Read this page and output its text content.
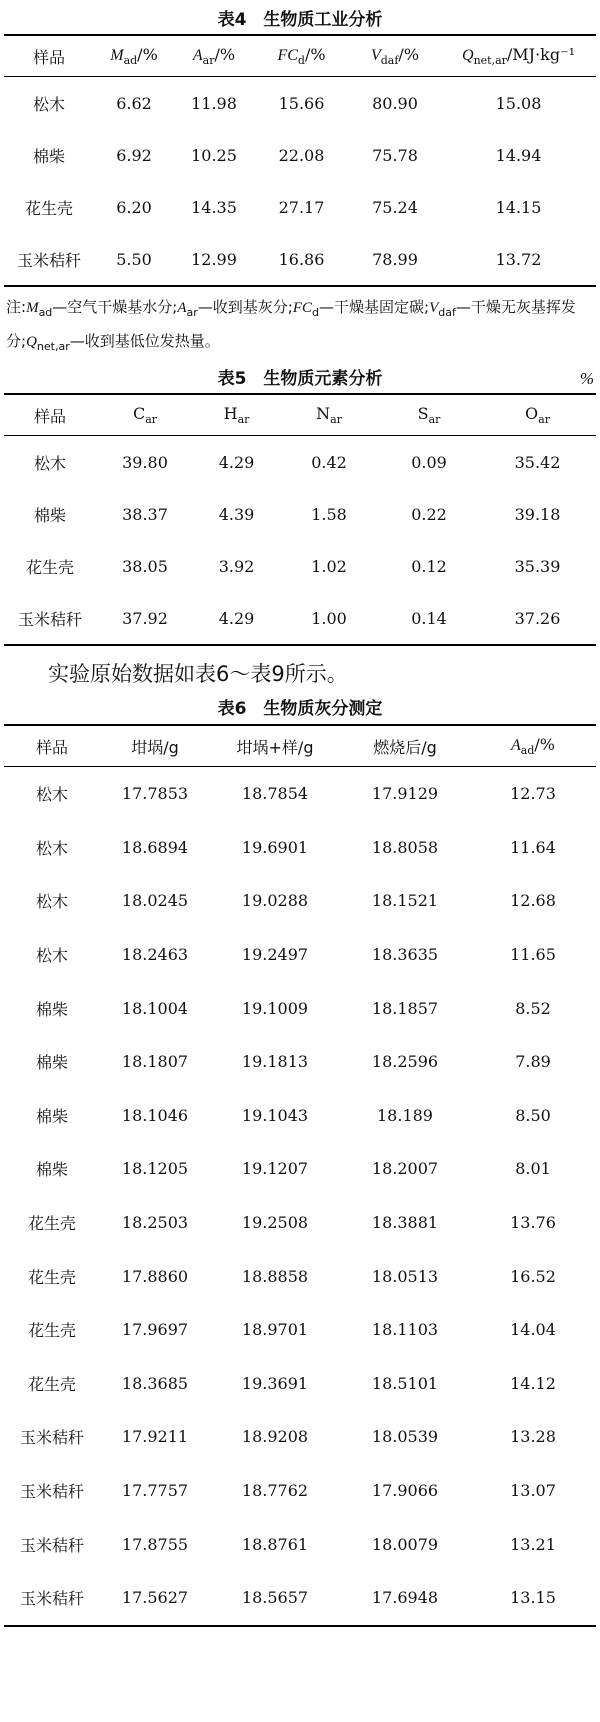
表4　生物质工业分析
样品	$M_{ad}/\%$	$A_{ar}/\%$	$FC_d/\%$	$V_{daf}/\%$	$Q_{net,ar}/MJ\cdot kg^{-1}$
松木	6.62	11.98	15.66	80.90	15.08
棉柴	6.92	10.25	22.08	75.78	14.94
花生壳	6.20	14.35	27.17	75.24	14.15
玉米秸秆	5.50	12.99	16.86	78.99	13.72
注$:M_{ad}—$空气干燥基水分$;A_{ar}—$收到基灰分$;FC_d—$干燥基固定碳$;V_{daf}—$干燥无灰基挥发分$;Q_{net,ar}—$收到基低位发热量。
表5　生物质元素分析	%
样品	$C_{ar}$	$H_{ar}$	$N_{ar}$	$S_{ar}$	$O_{ar}$
松木	39.80	4.29	0.42	0.09	35.42
棉柴	38.37	4.39	1.58	0.22	39.18
花生壳	38.05	3.92	1.02	0.12	35.39
玉米秸秆	37.92	4.29	1.00	0.14	37.26
实验原始数据如表6～表9所示。
表6　生物质灰分测定
样品	坩埚/g	坩埚+样/g	燃烧后/g	$A_{ad}/\%$
松木	17.7853	18.7854	17.9129	12.73
松木	18.6894	19.6901	18.8058	11.64
松木	18.0245	19.0288	18.1521	12.68
松木	18.2463	19.2497	18.3635	11.65
棉柴	18.1004	19.1009	18.1857	8.52
棉柴	18.1807	19.1813	18.2596	7.89
棉柴	18.1046	19.1043	18.189	8.50
棉柴	18.1205	19.1207	18.2007	8.01
花生壳	18.2503	19.2508	18.3881	13.76
花生壳	17.8860	18.8858	18.0513	16.52
花生壳	17.9697	18.9701	18.1103	14.04
花生壳	18.3685	19.3691	18.5101	14.12
玉米秸秆	17.9211	18.9208	18.0539	13.28
玉米秸秆	17.7757	18.7762	17.9066	13.07
玉米秸秆	17.8755	18.8761	18.0079	13.21
玉米秸秆	17.5627	18.5657	17.6948	13.15
